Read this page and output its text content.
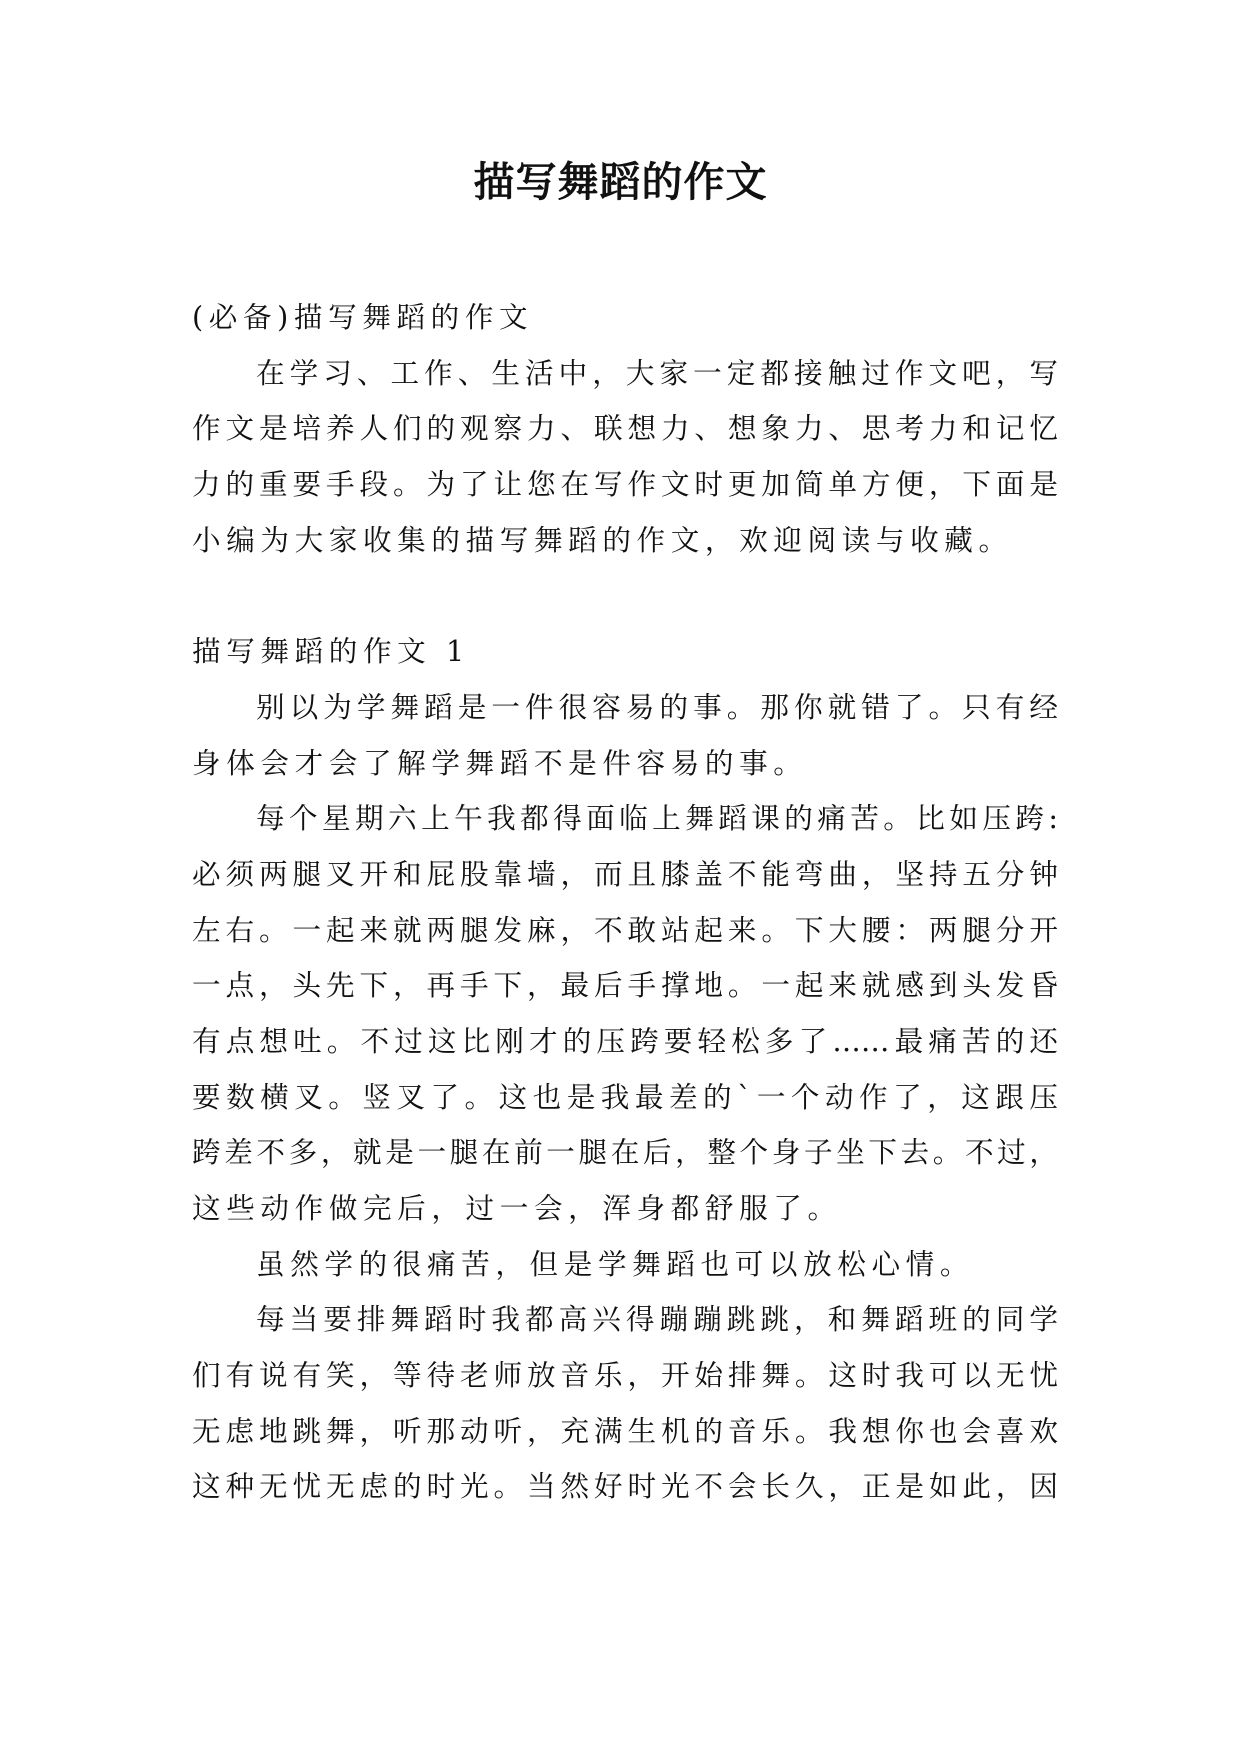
描写舞蹈的作文
(必备)描写舞蹈的作文
在学习、工作、生活中，大家一定都接触过作文吧，写
作文是培养人们的观察力、联想力、想象力、思考力和记忆
力的重要手段。为了让您在写作文时更加简单方便，下面是
小编为大家收集的描写舞蹈的作文，欢迎阅读与收藏。
描写舞蹈的作文 1
别以为学舞蹈是一件很容易的事。那你就错了。只有经
身体会才会了解学舞蹈不是件容易的事。
每个星期六上午我都得面临上舞蹈课的痛苦。比如压跨:
必须两腿叉开和屁股靠墙，而且膝盖不能弯曲，坚持五分钟
左右。一起来就两腿发麻，不敢站起来。下大腰：两腿分开
一点，头先下，再手下，最后手撑地。一起来就感到头发昏
有点想吐。不过这比刚才的压跨要轻松多了……最痛苦的还
要数横叉。竖叉了。这也是我最差的`一个动作了，这跟压
跨差不多，就是一腿在前一腿在后，整个身子坐下去。不过，
这些动作做完后，过一会，浑身都舒服了。
虽然学的很痛苦，但是学舞蹈也可以放松心情。
每当要排舞蹈时我都高兴得蹦蹦跳跳，和舞蹈班的同学
们有说有笑，等待老师放音乐，开始排舞。这时我可以无忧
无虑地跳舞，听那动听，充满生机的音乐。我想你也会喜欢
这种无忧无虑的时光。当然好时光不会长久，正是如此，因
